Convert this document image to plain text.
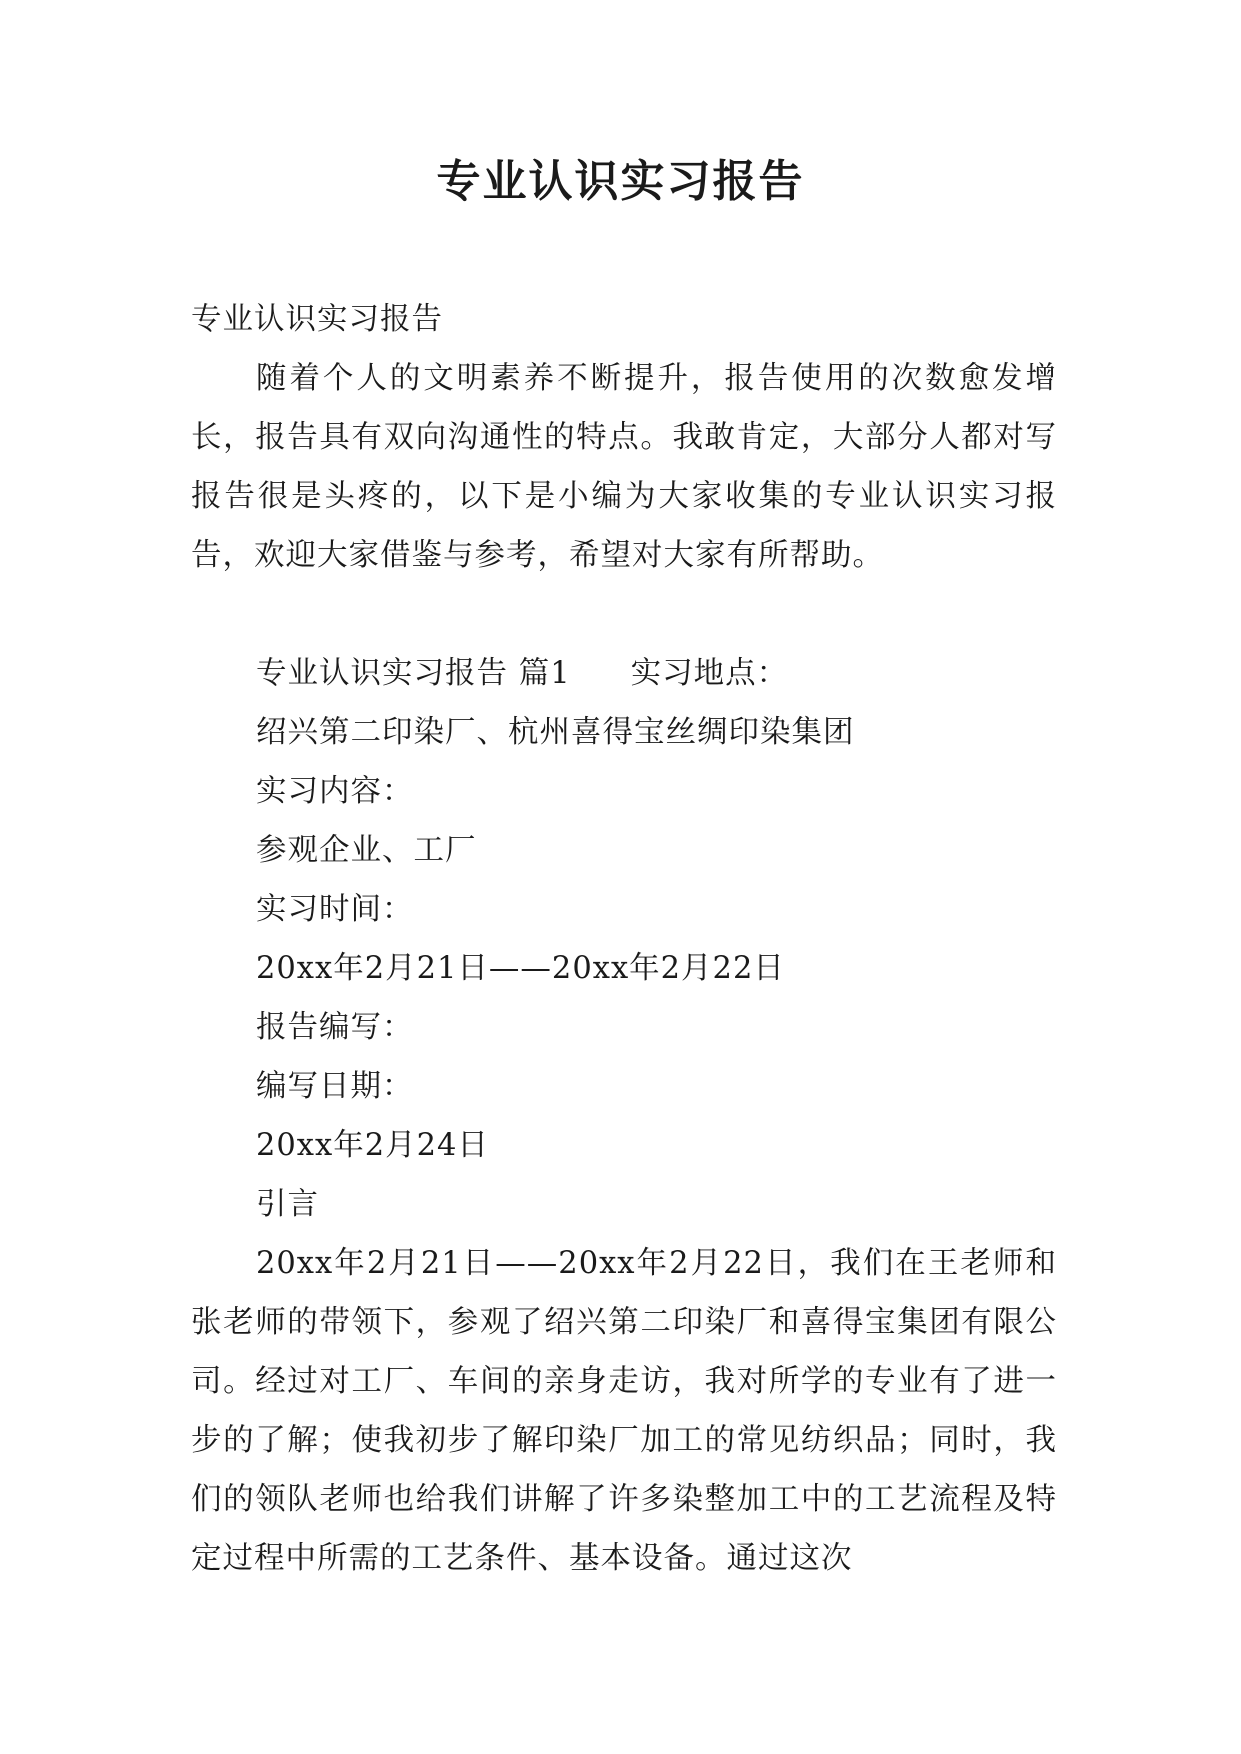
专业认识实习报告

专业认识实习报告

随着个人的文明素养不断提升，报告使用的次数愈发增长，报告具有双向沟通性的特点。我敢肯定，大部分人都对写报告很是头疼的，以下是小编为大家收集的专业认识实习报告，欢迎大家借鉴与参考，希望对大家有所帮助。

专业认识实习报告 篇1 实习地点：

绍兴第二印染厂、杭州喜得宝丝绸印染集团

实习内容：

参观企业、工厂

实习时间：

20xx年2月21日——20xx年2月22日

报告编写：

编写日期：

20xx年2月24日

引言

20xx年2月21日——20xx年2月22日，我们在王老师和张老师的带领下，参观了绍兴第二印染厂和喜得宝集团有限公司。经过对工厂、车间的亲身走访，我对所学的专业有了进一步的了解；使我初步了解印染厂加工的常见纺织品；同时，我们的领队老师也给我们讲解了许多染整加工中的工艺流程及特定过程中所需的工艺条件、基本设备。通过这次
